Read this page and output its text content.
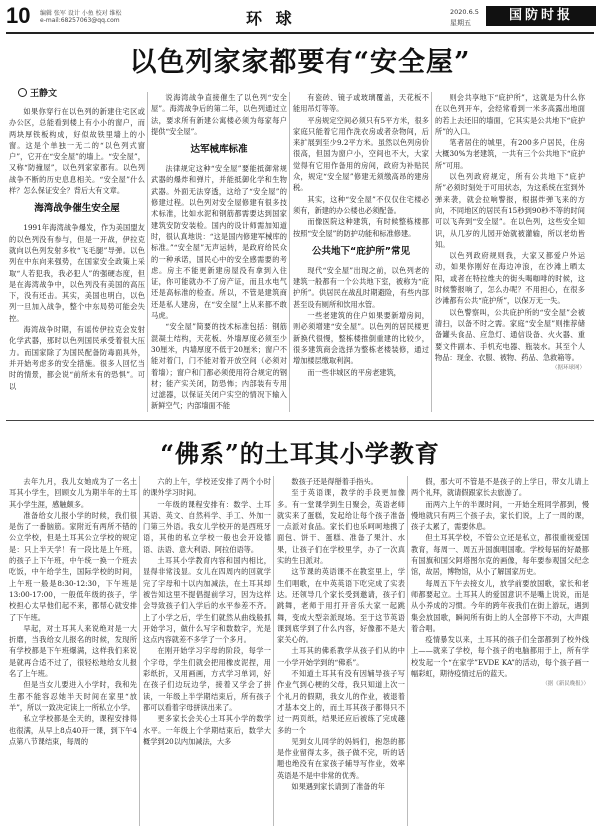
10 编辑 张军 设计 小鱼 校对 维松
e-mail:68257063@qq.com	环 球	2020.6.5
星期五	国防时报
以色列家家都要有“安全屋”
王静文

如果你穿行在以色列的新建住宅区或办公区，总能看到楼上有小小的窗户，而两块厚铁板构成，好似故铁里墙上的小窗。这是个单独一无二的“以色列式窗户”，它开在“安全屋”的墙上。“安全屋”，又称“防撞屋”，以色列家家都有。以色列战争不断的历史息息相关。“安全屋”什么样？怎么保证安全？背后大有文章。

海湾战争催生安全屋

1991年海湾战争爆发，作为美国盟友的以色列没有参与，但是一开战，伊拉克就向以色列发射多枚“飞毛腿”导弹。以色列在中东向来强势，在国家安全政策上采取“人若犯我，我必犯人”的强硬态度，但是在海湾战争中，以色列没有美国的高压下，没有还击。其实，美国也明白，以色列一旦加入战争，整个中东局势可能会失控。

海湾战争时期，有谣传伊拉克会发射化学武器，那时以色列国民承受着很大压力。而国家除了为国民配备防毒面具外，并开始考虑多的安全措施。很多人回忆当时的情景，都会说“前所未有的恐惧”。可以

说海湾战争直接催生了以色列“安全屋”。海湾战争后的第二年，以色列通过立法，要求所有新建公寓楼必须为每家每户提供“安全屋”。

达军械库标准

法律规定这种“安全屋”要能抵御常规武器的爆炸和弹片，并能抵御化学和生物武器。外面无法穿透，这给了“安全屋”的修建过程。以色列对安全屋修建有很多技术标准，比如水泥和钢筋都需要达到国家建筑安防安装检。国内的设计师需加知道时，很认真地说：“这是国内修建军械库的标准。”“安全屋”无声运转，是政府给民众的一种承诺，国民心中的安全感需要的考虑。房主不能更新建房屋没有拿到入住证，你可能就办不了房产证，而且水电气还是高标准的检查。所以，不管是建筑商还是私人建房，在“安全屋”上从来都不敢马虎。

“安全屋”简要的技术标准包括：钢筋混凝土结构，天花板、外墙厚度必须至少30厘米，内墙厚度不低于20厘米；窗户不能对着门，门不能对着开放空间（必须对着墙）；窗户和门都必须使用符合规定的钢材；能产实关闭，防恐怖；内部装有专用过滤器，以保证关闭户实空的情况下输入新鲜空气；内部墙面不能

有瓷砖、镜子或玻璃覆盖，天花板不能用吊灯等等。

平房规定空间必须只有5平方米，很多家庭只能着它用作洗衣房或者杂物间，后来扩展到至少9.2平方米。虽然以色列房价很高，但国为窗户小，空间也不大，大家觉得有它用作备用的房间，政府为补贴民众，规定“安全屋”修建无须缴高昂的建房税。

其实，这种“安全屋”不仅仅住宅楼必须有，新建的办公楼也必须配备。

而像医院这种建筑，有时候整栋楼都按照“安全屋”的防护功能和标准修建。

公共地下“庇护所”常见

现代“安全屋”出现之前，以色列老的建筑一般都有一个公共地下室，被称为“庇护所”。供居民在战乱时期避险，有些内部甚至设有厕所和饮用水管。

一些老建筑的住户如果要新增房间，则必须增建“安全屋”。以色列的居民楼更新换代很慢，整栋楼推倒重建的比较少，很多建筑商会选择为整栋老楼装修，通过增加楼层缴取利润。

而一些非城区的平房老建筑，

则会共享地下“庇护所”，这就是为什么你在以色列开车，会经常看到一米多高露出地面的若上去还旧的墙面，它其实是公共地下“庇护所”的入口。

笔者居住的城里，有200多户居民，住房大概30%为老建筑，一共有三个公共地下“庇护所”可用。

以色列政府规定，所有公共地下“庇护所”必须时刻处于可用状态，为这系统在室到外弹来袭，就会拉响警报，根据炸弹飞来的方向，不同地区的居民有15秒到90秒不等的时间可以飞奔到“安全屋”。在以色列，这些安全知识，从几岁的儿园开始就被灌输，所以老幼皆知。

以色列政府规则我，大家又都爱户外运动，如果你刚好在海边冲浪，在沙滩上晒太阳，或者在特拉维夫的街头喝咖啡的时候，这时候警报响了，怎么办呢？不用担心，在很多沙滩都有公共“庇护所”，以保万无一失。

以色警察叫，公共庇护所的“安全屋”会被清扫，以备不时之需。家庭“安全屋”则推荐储备罐头食品、应急灯、通信设备、火火器、重要文件副本、手机充电器、瓶装水。其至个人物品：现金、衣服、被物、药品、急救箱等。

（据环球网）

“佛系”的土耳其小学教育

去年九月，我儿女她成为了一名土耳其小学生，回顾女儿为期半年的土耳其小学生涯，感触颇多。

准备给女儿报小学的时候，我们很是伤了一番脑筋。家附近有两所不错的公立学校，但是土耳其公立学校的规定是：只上半天学！有一段比是上午班，的孩子上下午班，中午统一换一个班去吃饭，中午给学生，国际学校的时间，上午班一般是8:30-12:30，下午班是13:00-17:00，一般低年级的孩子，学校担心太早他们起不来，都帮心就安排了下午班。

早起，对土耳其人来说绝对是一大折磨，当我给女儿报名的时候，发现所有学校都是下午班爆满，这样我们来说是就再合适不过了，很轻松地给女儿报名了上午班。

但是当女儿要进入小学时，我和先生都不能容忍她半天时间在家里“放羊”，所以一致决定读上一所私立小学。

私立学校都是全天的，课程安排得也很满，从早上8点40开一课，到下午4点第八节课结束，每周的

六的上午，学校还安排了两个小时的课外学习时间。

一年级的课程安排有：数学、土耳其语、英文、自然科学、手工、外加一门第三外语。我女儿学校开的是西班牙语，其他的私立学校一般也会开设德语、法语、意大利语、阿拉伯语等。

土耳其小学教育内容和国内相比，显得非常浅显。女儿在四周内的回就学完了字母和十以内加减法，在土耳其却被告知这里不提倡提前学习，因为这样会导致孩子们入学后的水平参差不齐。上了小学之后，学生们就然从曲线般抓开始学习，做什么写字和数数字，光是这点内容就差不多学了一个多月。

在刚开始学习字母的阶段，每学一个字母，学生们就会把用橡皮泥捏，用彩纸折，又用画画，方式学习单词，好在孩子们边玩边学，接着又学会了拼读，一年级上半学期结束后，所有孩子都可以看着字母拼读出来了。

更多家长会关心土耳其小学的数学水平。一年级上个学期结束后，数学大概学到20以内加减法，大多

数孩子还是得掰着手指头。

至于英语课，教学的手段更加像多。有一堂课学到生日聚会，英语老师就实来了蛋糕，发起给让每个孩子准备一点派对食品。家长们也乐呵呵地携了面包、饼干、蛋糕、准备了果汁、水果，让孩子们在学校里学，办了一次真实的生日派对。

这节课的英语课不在教室里上，学生们唱歌，在中英英语下吃完成了实表达。还领导几个家长受到邀请，孩子们跳舞，老师于用打开音乐大家一起跳舞，变成大型亲派现场。至于这节英语课到底学到了什么内容，好像都不是大家关心的。

土耳其的佛系教学从孩子们从的中一小学开始学到的“佛系”。

不知道土耳其有没有因辅导孩子写作业气到心梗的父母，我只知道上次一个礼月的假期，我女儿的作业，被退着才基本交上的，而土耳其孩子都得只不过一两页纸，结果还应后被练了完成趣多的一个

见到女儿同学的妈妈们，抱怨的都是作业留得太多，孩子做不完，听的话题也绝没有在家孩子辅导写作业，效率英语是不是中非常的优秀。

如果遇到家长请到了准备的年

假，那大可不管是不是孩子的上学日，带女儿请上两个礼拜，就请假跟家长去旅游了。

而两六上午的半课时间，一开始全班同学都到，慢慢地就只有两三个孩子去，家长们说，上了一周的课，孩子太累了，需要休息。

但土耳其学校，不管公立还是私立，都很重视爱国教育，每周一、周五升国旗唱国歌。学校每届的好最都有国旗和国父阿塔图尔克的画像，每年要参观国父纪念馆，故居，博物馆，从小了解国家历史。

每周五下午去接女儿，放学前要放国歌，家长和老师都要起立。土耳其人的爱国意识不是嘴上说说，而是从小养成的习惯。今年的跨年夜我们在街上游玩，遇到集会放国歌，瞬间所有街上的人全部停下不动，大声跟着合唱。

疫情暴发以来，土耳其的孩子们全部都到了校外线上——就来了学校，每个孩子的电脑都用于上，所有学校发起一个“在家学”EVDE KA”的活动，每个孩子画一幅彩虹，期待疫情过后的蓝天。

（据《新民晚报》）
